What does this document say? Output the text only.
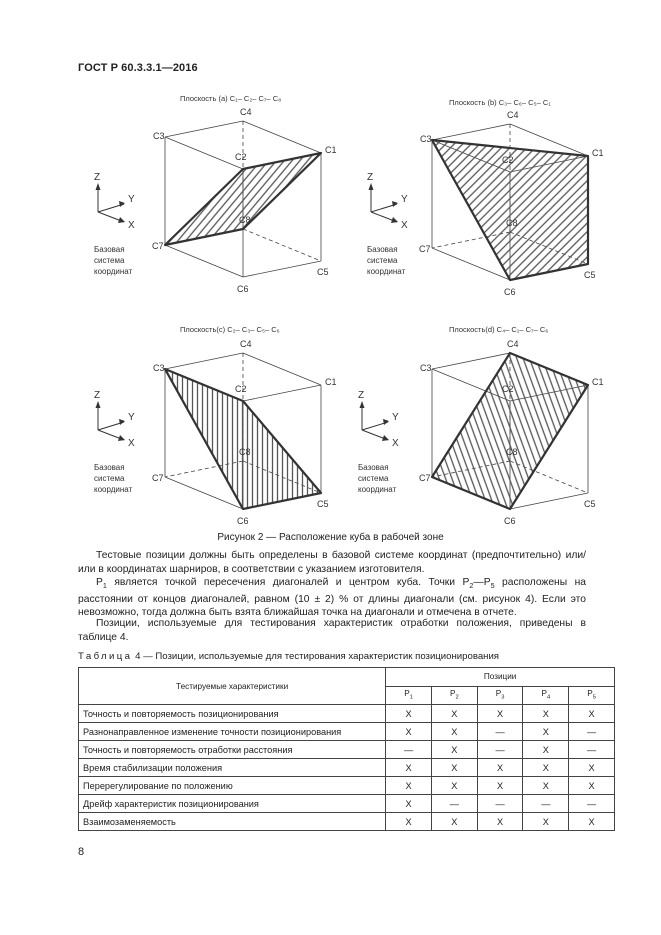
ГОСТ Р 60.3.3.1—2016
Плоскость (a) C₁– C₂– C₇– C₈	Плоскость (b) C₃– C₆– C₅– C₁
Плоскость(c) C₂– C₃– C₅– C₆	Плоскость(d) C₄– C₁– C₇– C₆
C3
C4
C1
C2
C7
C8
C5
C6
Z
Y
X
Базовая
система
координат
C3
C4
C1
C2
C7
C8
C5
C6
Z
Y
X
Базовая
система
координат
C3
C4
C1
C2
C7
C8
C5
C6
Z
Y
X
Базовая
система
координат
C3
C4
C1
C2
C7
C8
C5
C6
Z
Y
X
Базовая
система
координат
Рисунок 2 — Расположение куба в рабочей зоне

Тестовые позиции должны быть определены в базовой системе координат (предпочтительно) или/или в координатах шарниров, в соответствии с указанием изготовителя.

$P_1$ является точкой пересечения диагоналей и центром куба. Точки $P_2—P_5$ расположены на расстоянии от концов диагоналей, равном (10 ± 2) % от длины диагонали (см. рисунок 4). Если это невозможно, тогда должна быть взята ближайшая точка на диагонали и отмечена в отчете.

Позиции, используемые для тестирования характеристик отработки положения, приведены в таблице 4.

Таблица 4 — Позиции, используемые для тестирования характеристик позиционирования
Тестируемые характеристики	Позиции				
	$P_1$	$P_2$	$P_3$	$P_4$	$P_5$
Точность и повторяемость позиционирования	X	X	X	X	X
Разнонаправленное изменение точности позиционирования	X	X	—	X	—
Точность и повторяемость отработки расстояния	—	X	—	X	—
Время стабилизации положения	X	X	X	X	X
Перерегулирование по положению	X	X	X	X	X
Дрейф характеристик позиционирования	X	—	—	—	—
Взаимозаменяемость	X	X	X	X	X
8
